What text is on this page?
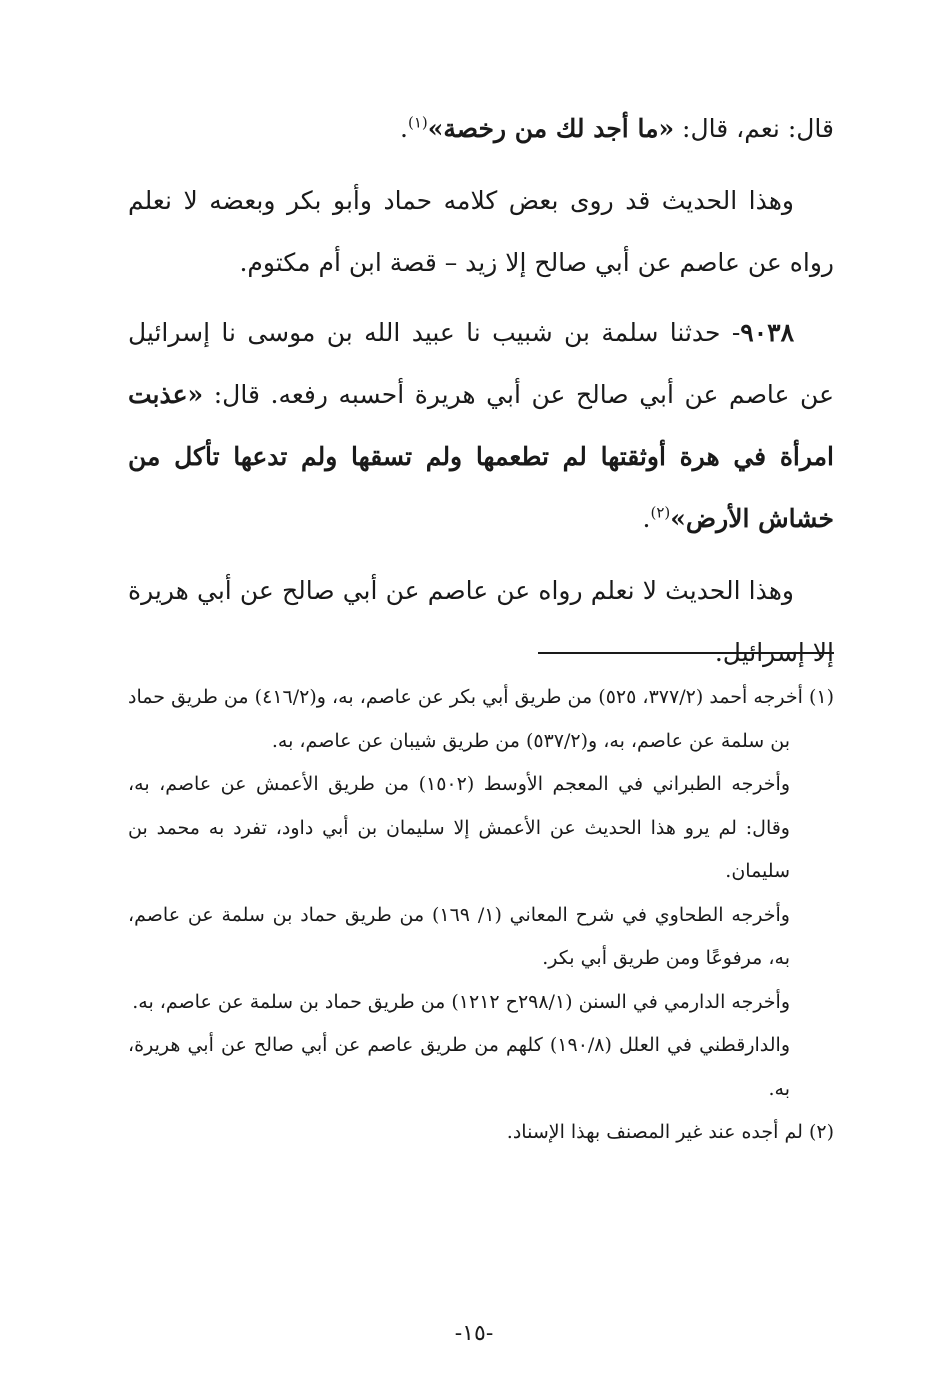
قال: نعم، قال: «ما أجد لك من رخصة»$^{(١)}$.

وهذا الحديث قد روى بعض كلامه حماد وأبو بكر وبعضه لا نعلم رواه عن عاصم عن أبي صالح إلا زيد – قصة ابن أم مكتوم.

٩٠٣٨- حدثنا سلمة بن شبيب نا عبيد الله بن موسى نا إسرائيل عن عاصم عن أبي صالح عن أبي هريرة أحسبه رفعه. قال: «عذبت امرأة في هرة أوثقتها لم تطعمها ولم تسقها ولم تدعها تأكل من خشاش الأرض»$^{(٢)}$.

وهذا الحديث لا نعلم رواه عن عاصم عن أبي صالح عن أبي هريرة إلا إسرائيل.

(١) أخرجه أحمد (٣٧٧/٢، ٥٢٥) من طريق أبي بكر عن عاصم، به، و(٤١٦/٢) من طريق حماد بن سلمة عن عاصم، به، و(٥٣٧/٢) من طريق شيبان عن عاصم، به.

وأخرجه الطبراني في المعجم الأوسط (١٥٠٢) من طريق الأعمش عن عاصم، به، وقال: لم يرو هذا الحديث عن الأعمش إلا سليمان بن أبي داود، تفرد به محمد بن سليمان.

وأخرجه الطحاوي في شرح المعاني (١/ ١٦٩) من طريق حماد بن سلمة عن عاصم، به، مرفوعًا ومن طريق أبي بكر.

وأخرجه الدارمي في السنن (٢٩٨/١ح ١٢١٢) من طريق حماد بن سلمة عن عاصم، به.

والدارقطني في العلل (١٩٠/٨) كلهم من طريق عاصم عن أبي صالح عن أبي هريرة، به.

(٢) لم أجده عند غير المصنف بهذا الإسناد.

-١٥-
